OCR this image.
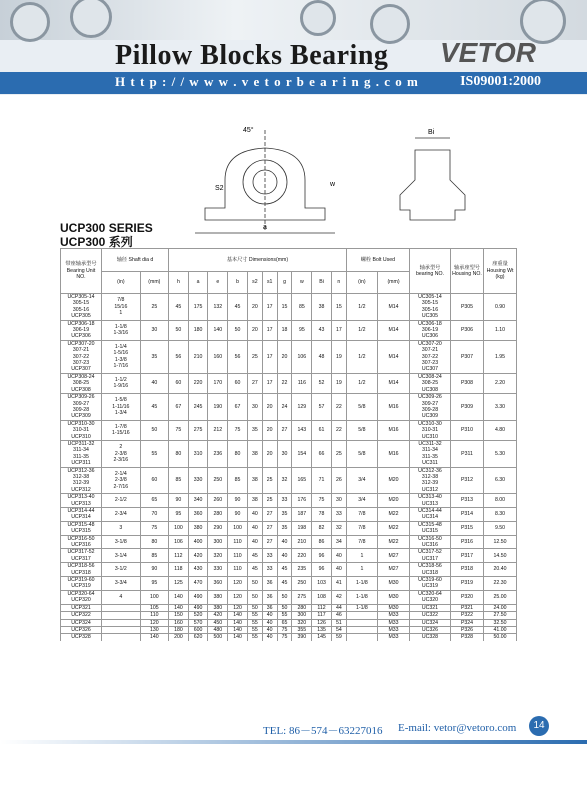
Pillow Blocks Bearing VETOR
H t t p : / / w w w . v e t o r b e a r i n g . c o m	IS09001:2000
45°
S2
a
w
Bi
UCP300 SERIES
UCP300 系列
带座轴承型号 Bearing Unit NO.	轴径 Shaft dia d		基本尺寸 Dimensions(mm)										螺栓 Bolt Used		轴承型号 bearing NO.	轴承座型号 Housing NO.	座重量 Housing Wt (kg)
	(in)	(mm)	h	a	e	b	s2	s1	g	w	Bi	n	(in)	(mm)			
UCP305-14
305-15
305-16
UCP305	7/8
15/16
1	25	45	175	132	45	20	17	15	85	38	15	1/2	M14	UC305-14
305-15
305-16
UC305	P305	0.90
UCP306-18
306-19
UCP306	1-1/8
1-3/16	30	50	180	140	50	20	17	18	95	43	17	1/2	M14	UC306-18
306-19
UC306	P306	1.10
UCP307-20
307-21
307-22
307-23
UCP307	1-1/4
1-5/16
1-3/8
1-7/16	35	56	210	160	56	25	17	20	106	48	19	1/2	M14	UC307-20
307-21
307-22
307-23
UC307	P307	1.95
UCP308-24
308-25
UCP308	1-1/2
1-9/16	40	60	220	170	60	27	17	22	116	52	19	1/2	M14	UC308-24
308-25
UC308	P308	2.20
UCP309-26
309-27
309-28
UCP309	1-5/8
1-11/16
1-3/4	45	67	245	190	67	30	20	24	129	57	22	5/8	M16	UC309-26
309-27
309-28
UC309	P309	3.30
UCP310-30
310-31
UCP310	1-7/8
1-15/16	50	75	275	212	75	35	20	27	143	61	22	5/8	M16	UC310-30
310-31
UC310	P310	4.80
UCP311-32
311-34
311-35
UCP311	2
2-3/8
2-3/16	55	80	310	236	80	38	20	30	154	66	25	5/8	M16	UC311-32
311-34
311-35
UC311	P311	5.30
UCP312-36
312-38
312-39
UCP312	2-1/4
2-3/8
2-7/16	60	85	330	250	85	38	25	32	165	71	26	3/4	M20	UC312-36
312-38
312-39
UC312	P312	6.30
UCP313-40
UCP313	2-1/2	65	90	340	260	90	38	25	33	176	75	30	3/4	M20	UC313-40
UC313	P313	8.00
UCP314-44
UCP314	2-3/4	70	95	360	280	90	40	27	35	187	78	33	7/8	M22	UC314-44
UC314	P314	8.30
UCP315-48
UCP315	3	75	100	380	290	100	40	27	35	198	82	32	7/8	M22	UC315-48
UC315	P315	9.50
UCP316-50
UCP316	3-1/8	80	106	400	300	110	40	27	40	210	86	34	7/8	M22	UC316-50
UC316	P316	12.50
UCP317-52
UCP317	3-1/4	85	112	420	320	110	45	33	40	220	96	40	1	M27	UC317-52
UC317	P317	14.50
UCP318-56
UCP318	3-1/2	90	118	430	330	110	45	33	45	235	96	40	1	M27	UC318-56
UC318	P318	20.40
UCP319-60
UCP319	3-3/4	95	125	470	360	120	50	36	45	250	103	41	1-1/8	M30	UC319-60
UC319	P319	22.30
UCP320-64
UCP320	4	100	140	490	380	120	50	36	50	275	108	42	1-1/8	M30	UC320-64
UC320	P320	25.00
UCP321		105	140	490	380	120	50	36	50	280	112	44	1-1/8	M30	UC321	P321	24.00
UCP322		110	150	520	420	140	55	40	55	300	117	46		M33	UC322	P322	27.50
UCP324		120	160	570	450	140	55	40	65	320	126	51		M33	UC324	P324	32.50
UCP326		130	180	600	480	140	55	40	75	355	135	54		M33	UC326	P326	41.00
UCP328		140	200	620	500	140	55	40	75	390	145	59		M33	UC328	P328	50.00
TEL: 86－574－63227016 E-mail: vetor@vetoro.com	14
